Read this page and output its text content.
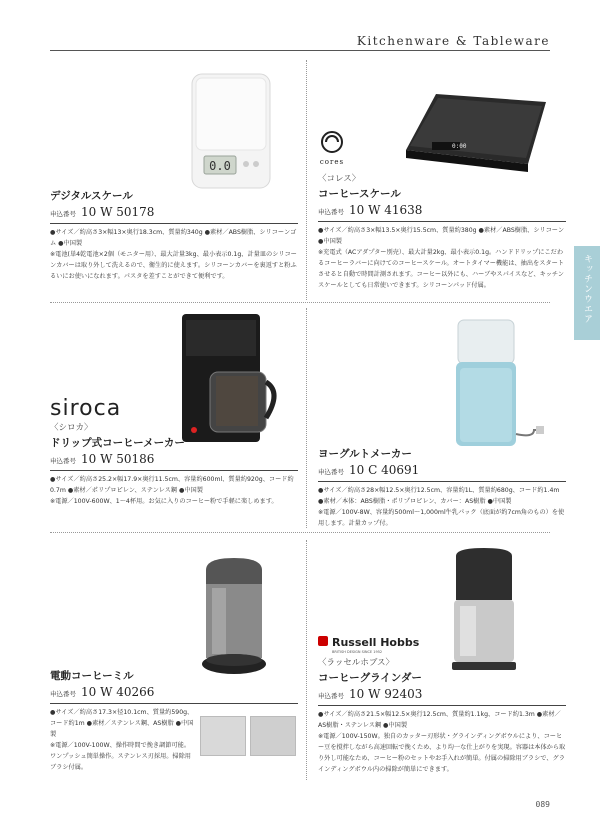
Kitchenware & Tableware
キッチンウエア
0.0
デジタルスケール
申込番号 10 W 50178
●サイズ／約高さ3×幅13×奥行18.3cm、質量約340g ●素材／ABS樹脂、シリコーンゴム ●中国製
※電池(単4乾電池×2個（モニター用）、最大計量3kg、最小表示0.1g、計量皿のシリコーンカバーは取り外して洗えるので、衛生的に使えます。シリコーンカバーを裏返すと粉ふるいにお使いになれます。パスタを差すことができて便利です。
cores
0:00
〈コレス〉
コーヒースケール
申込番号 10 W 41638
●サイズ／約高さ3×幅13.5×奥行15.5cm、質量約380g ●素材／ABS樹脂、シリコーン ●中国製
※充電式（ACアダプター別売）、最大計量2kg、最小表示0.1g。ハンドドリップにこだわるコーヒーラバーに向けてのコーヒースケール。オートタイマー機能は、抽出をスタートさせると自動で時間計測されます。コーヒー以外にも、ハーブやスパイスなど、キッチンスケールとしても日常使いできます。シリコーンパッド付属。
siroca
〈シロカ〉
ドリップ式コーヒーメーカー
申込番号 10 W 50186
●サイズ／約高さ25.2×幅17.9×奥行11.5cm、容量約600ml、質量約920g、コード約0.7m ●素材／ポリプロピレン、ステンレス鋼 ●中国製
※電源／100V-600W、1～4杯用。お気に入りのコーヒー粉で手軽に楽しめます。
ヨーグルトメーカー
申込番号 10 C 40691
●サイズ／約高さ28×幅12.5×奥行12.5cm、容量約1L、質量約680g、コード約1.4m ●素材／本体：ABS樹脂・ポリプロピレン、カバー：AS樹脂 ●中国製
※電源／100V-8W、容量約500ml～1,000ml牛乳パック（底面が約7cm角のもの）を使用します。計量カップ付。
電動コーヒーミル
申込番号 10 W 40266
●サイズ／約高さ17.3×径10.1cm、質量約590g、コード約1m ●素材／ステンレス鋼、AS樹脂 ●中国製
※電源／100V-100W、操作時間で挽き調節可能。ワンプッシュ簡単操作。ステンレス刃採用。掃除用ブラシ付属。
Russell Hobbs
BRITISH DESIGN SINCE 1952
〈ラッセルホブス〉
コーヒーグラインダー
申込番号 10 W 92403
●サイズ／約高さ21.5×幅12.5×奥行12.5cm、質量約1.1kg、コード約1.3m ●素材／AS樹脂・ステンレス鋼 ●中国製
※電源／100V-150W。独自のカッター刃形状・グラインディングボウルにより、コーヒー豆を撹拌しながら高速回転で挽くため、より均一な仕上がりを実現。容器は本体から取り外し可能なため、コーヒー粉のセットやお手入れが簡単。付属の掃除用ブラシで、グラインディングボウル内の掃除が簡単にできます。
089
